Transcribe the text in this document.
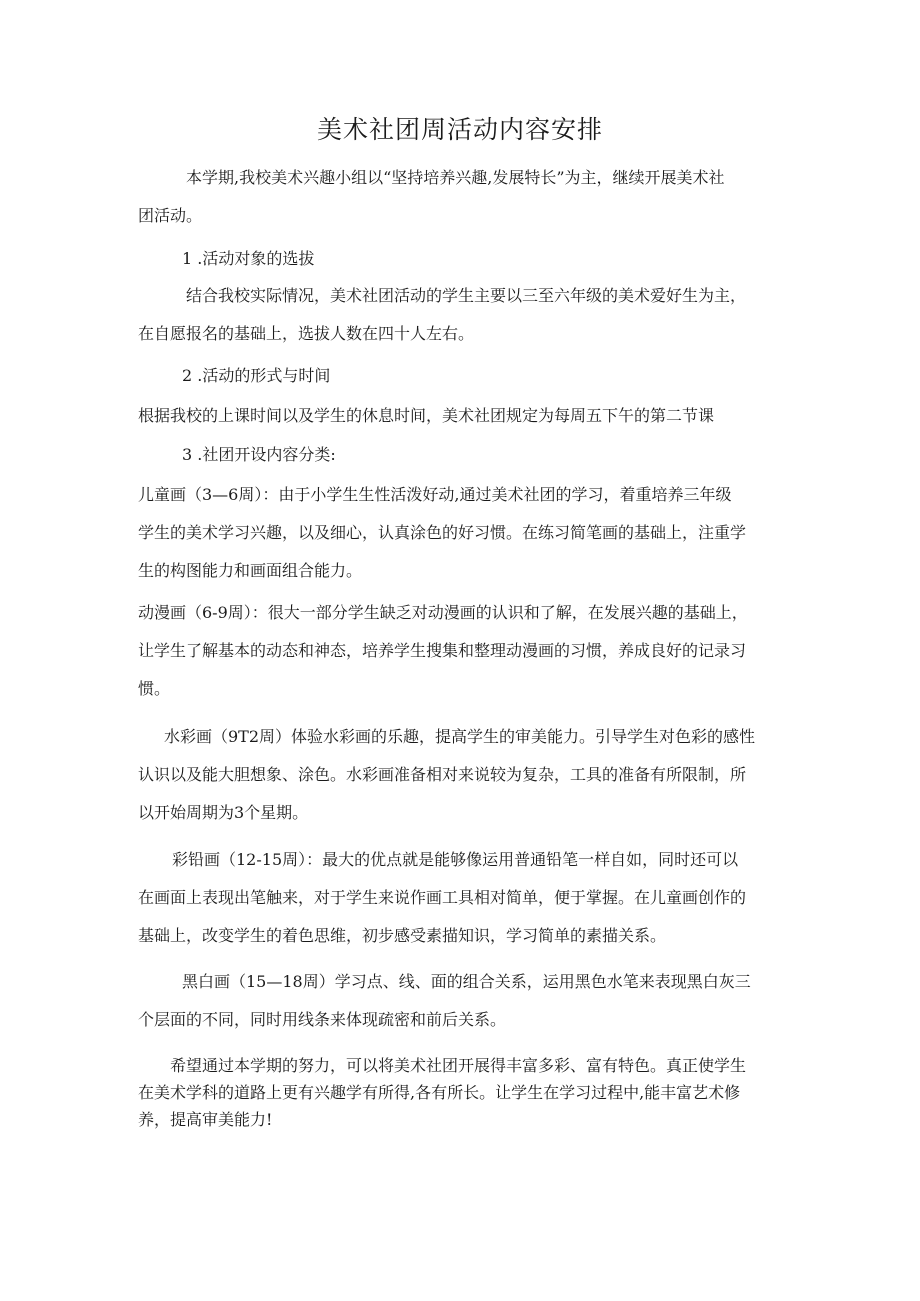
美术社团周活动内容安排
本学期,我校美术兴趣小组以“坚持培养兴趣,发展特长”为主，继续开展美术社
团活动。
1 .活动对象的选拔
结合我校实际情况，美术社团活动的学生主要以三至六年级的美术爱好生为主，
在自愿报名的基础上，选拔人数在四十人左右。
2 .活动的形式与时间
根据我校的上课时间以及学生的休息时间，美术社团规定为每周五下午的第二节课
3 .社团开设内容分类:
儿童画（3—6周）：由于小学生生性活泼好动,通过美术社团的学习，着重培养三年级
学生的美术学习兴趣，以及细心，认真涂色的好习惯。在练习简笔画的基础上，注重学
生的构图能力和画面组合能力。
动漫画（6-9周）：很大一部分学生缺乏对动漫画的认识和了解，在发展兴趣的基础上，
让学生了解基本的动态和神态，培养学生搜集和整理动漫画的习惯，养成良好的记录习
惯。
水彩画（9T2周）体验水彩画的乐趣，提高学生的审美能力。引导学生对色彩的感性
认识以及能大胆想象、涂色。水彩画准备相对来说较为复杂，工具的准备有所限制，所
以开始周期为3个星期。
彩铅画（12-15周）：最大的优点就是能够像运用普通铅笔一样自如，同时还可以
在画面上表现出笔触来，对于学生来说作画工具相对简单，便于掌握。在儿童画创作的
基础上，改变学生的着色思维，初步感受素描知识，学习简单的素描关系。
黑白画（15—18周）学习点、线、面的组合关系，运用黑色水笔来表现黑白灰三
个层面的不同，同时用线条来体现疏密和前后关系。
希望通过本学期的努力，可以将美术社团开展得丰富多彩、富有特色。真正使学生
在美术学科的道路上更有兴趣学有所得,各有所长。让学生在学习过程中,能丰富艺术修
养，提高审美能力!
